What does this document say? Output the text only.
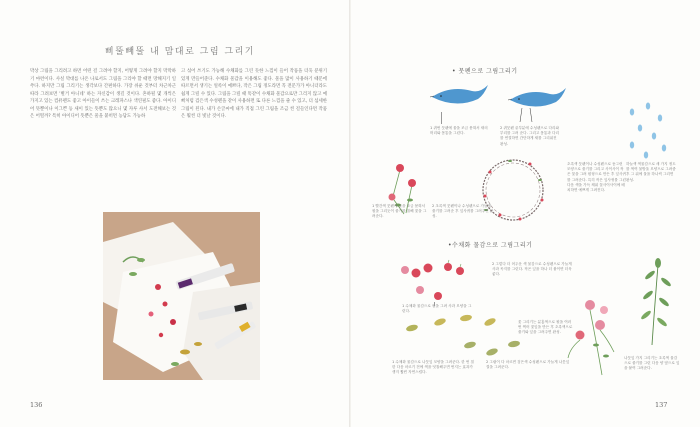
삐뚤빼뚤 내 맘대로 그림 그리기
막상 그림을 그리려고 하면 어떤 걸 그려야 할지, 어떻게 그려야 할지 막막하기 마련이다. 사실 막대를 나온 나로서도 그림을 그리야 할 때면 망해지기 일쑤다. 하지만 그림 그리기는 생각보다 간편하다. 가장 쉬운 것부터 차근차근 따라 그려보면 '별거 아니네' 하는 자신감이 생길 것이다. 혼하될 몇 개씩은 가지고 있는 컴퓨펜도 좋고 아이들이 쓰는 크레파스나 색연필도 좋다. 아이디어 뜻뿐이나 이그쁜 등 새이 있는 뜻뿐도 많으니 몇 자루 사서 도전해보는 것은 어떨까? 특히 아이디어 뜻뿐은 물을 붙히면 농담도 가능하
고 섞어 쓰기도 가능해 수채화를 그린 듯한 느낌이 들어 작품을 더욱 분위기 있게 만들어준다. 수채화 물감을 이용해도 좋다. 물을 많이 사용하기 때문에 따르면서 생기는 얼룩이 예쁘다, 작은 그림 정도라면 꼭 전문가가 아니더라도 쉽게 그릴 수 있다. 그림을 그릴 때 똑같이 수채화 물감으로만 그리지 않고 예뻐처럼 검은색 수성펜을 같이 사용하면 또 다른 느낌을 줄 수 있고, 더 섬세한 그림이 된다. 내가 손글씨에 내가 직접 그린 그림을 조금 씬 걸들인다면 작품은 훨씬 더 빛날 것이다.
136
• 뭇펜으로 그림그리기
2 퀴뭇펜 끝부분에 수성펜으로 다리와 부리를 그려 준다. 그리고 몸통과 다리를 연결하면 간단하게 새를 그리워진 완성.
1 퀴번 뭇펜에 물을 조금 묻혀서 새의 머리와 몸통을 그린다.
하늘색 색물감으로 새 가지 정도를 색여 물방울 모양으로 그려줌 후 그 위에 물을 하나씩 그리면 완성.
1 빨간색 뭇펜에 물을 조금 묻혀서 원을 그리듯이 줄기를 칠해 꽃을 그려준다.
2 초록색 뭇펜이나 수성펜으로 가늘게 줄기를 그려준 후 잎사귀를 그려주면 완성.
초록색 뭇펜이나 수성펜으로 둥그런 모양으로 줄기를 그리고 사이사이 작은 꽃을 그려 원형으로 만든 후 잎사귀를 그려준다. 특히 작은 잎사귀를 그린 다음 색을 가득 채워 꽃사이사이에 배치하면 예쁘게 그려진다.
•수채화 물감으로 그림그리기
2 그렇다 더 어두운 색 물감으로 수성펜으로 가늘게 사과 꼭지를 그린다. 작은 잎을 하나 더 붙이면 더욱 좋다.
1 수채화 물감으로 원을 그려 사과 모양을 그린다.
꽃 그리기는 분홍색으로 원을 여러 번 찍어 꽃잎을 만든 후 초록색으로 줄기와 잎을 그려주면 완성.
1 수채화 물감으로 나뭇잎 모양을 그려준다. 한 번 칠한 다음 마르기 전에 색을 덧칠해주면 번지는 효과가 생겨 훨씬 자연스럽다.
2 그림이 다 마르면 검은색 수성펜으로 가늘게 나뭇잎 결을 그려준다.
나뭇잎 가지 그리기는 초록색 물감으로 줄기를 그린 다음 양 옆으로 잎을 붙여 그려준다.
137
